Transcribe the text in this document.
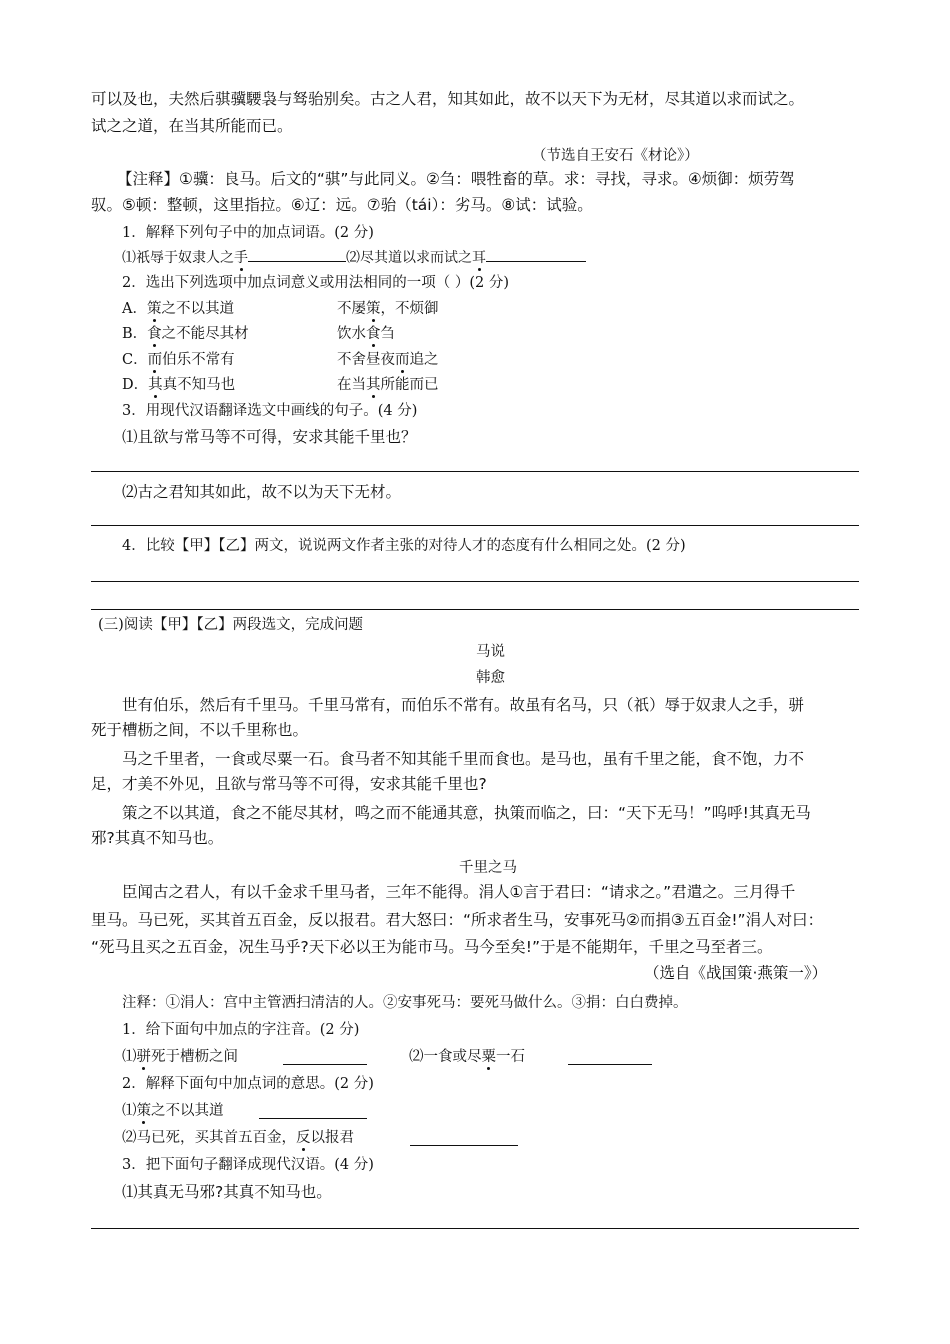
可以及也，夫然后骐骥騕袅与驽骀别矣。古之人君，知其如此，故不以天下为无材，尽其道以求而试之。
试之之道，在当其所能而已。
（节选自王安石《材论》）
【注释】①骥：良马。后文的“骐”与此同义。②刍：喂牲畜的草。求：寻找，寻求。④烦御：烦劳驾
驭。⑤顿：整顿，这里指拉。⑥辽：远。⑦骀（tái）：劣马。⑧试：试验。
1．解释下列句子中的加点词语。(2 分)
⑴祇辱于奴隶人之手	⑵尽其道以求而试之耳
2．选出下列选项中加点词意义或用法相同的一项（ ）(2 分)
A．策之不以其道	不屡策，不烦御
B．食之不能尽其材	饮水食刍
C．而伯乐不常有	不舍昼夜而追之
D．其真不知马也	在当其所能而已
3．用现代汉语翻译选文中画线的句子。(4 分)
⑴且欲与常马等不可得，安求其能千里也？
⑵古之君知其如此，故不以为天下无材。
4．比较【甲】【乙】两文，说说两文作者主张的对待人才的态度有什么相同之处。(2 分)
(三)阅读【甲】【乙】两段选文，完成问题
马说
韩愈
世有伯乐，然后有千里马。千里马常有，而伯乐不常有。故虽有名马，只（祇）辱于奴隶人之手，骈
死于槽枥之间，不以千里称也。
马之千里者，一食或尽粟一石。食马者不知其能千里而食也。是马也，虽有千里之能，食不饱，力不
足，才美不外见，且欲与常马等不可得，安求其能千里也?
策之不以其道，食之不能尽其材，鸣之而不能通其意，执策而临之，曰：“天下无马！”呜呼!其真无马
邪?其真不知马也。
千里之马
臣闻古之君人，有以千金求千里马者，三年不能得。涓人①言于君曰：“请求之。”君遣之。三月得千
里马。马已死，买其首五百金，反以报君。君大怒曰：“所求者生马，安事死马②而捐③五百金!”涓人对曰：
“死马且买之五百金，况生马乎?天下必以王为能市马。马今至矣!”于是不能期年，千里之马至者三。
（选自《战国策·燕策一》）
注释：①涓人：宫中主管洒扫清洁的人。②安事死马：要死马做什么。③捐：白白费掉。
1．给下面句中加点的字注音。(2 分)
⑴骈死于槽枥之间	⑵一食或尽粟一石
2．解释下面句中加点词的意思。(2 分)
⑴策之不以其道
⑵马已死，买其首五百金，反以报君
3．把下面句子翻译成现代汉语。(4 分)
⑴其真无马邪?其真不知马也。
